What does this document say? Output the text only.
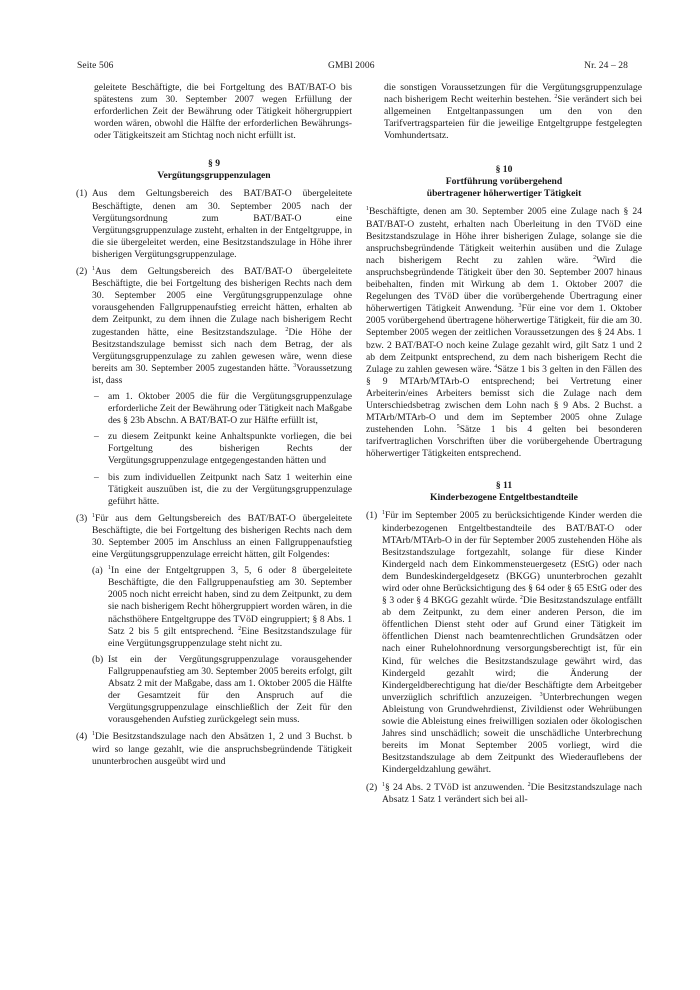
Seite 506	GMBl 2006	Nr. 24 – 28

geleitete Beschäftigte, die bei Fortgeltung des BAT/BAT-O bis spätestens zum 30. September 2007 wegen Erfüllung der erforderlichen Zeit der Bewährung oder Tätigkeit höhergruppiert worden wären, obwohl die Hälfte der erforderlichen Bewährungs- oder Tätigkeitszeit am Stichtag noch nicht erfüllt ist.

§ 9
Vergütungsgruppenzulagen
(1) Aus dem Geltungsbereich des BAT/BAT-O übergeleitete Beschäftigte, denen am 30. September 2005 nach der Vergütungsordnung zum BAT/BAT-O eine Vergütungsgruppenzulage zusteht, erhalten in der Entgeltgruppe, in die sie übergeleitet werden, eine Besitzstandszulage in Höhe ihrer bisherigen Vergütungsgruppenzulage.
(2) $^1$Aus dem Geltungsbereich des BAT/BAT-O übergeleitete Beschäftigte, die bei Fortgeltung des bisherigen Rechts nach dem 30. September 2005 eine Vergütungsgruppenzulage ohne vorausgehenden Fallgruppenaufstieg erreicht hätten, erhalten ab dem Zeitpunkt, zu dem ihnen die Zulage nach bisherigem Recht zugestanden hätte, eine Besitzstandszulage. $^2$Die Höhe der Besitzstandszulage bemisst sich nach dem Betrag, der als Vergütungsgruppenzulage zu zahlen gewesen wäre, wenn diese bereits am 30. September 2005 zugestanden hätte. $^3$Voraussetzung ist, dass
– am 1. Oktober 2005 die für die Vergütungsgruppenzulage erforderliche Zeit der Bewährung oder Tätigkeit nach Maßgabe des § 23b Abschn. A BAT/BAT-O zur Hälfte erfüllt ist,
– zu diesem Zeitpunkt keine Anhaltspunkte vorliegen, die bei Fortgeltung des bisherigen Rechts der Vergütungsgruppenzulage entgegengestanden hätten und
– bis zum individuellen Zeitpunkt nach Satz 1 weiterhin eine Tätigkeit auszuüben ist, die zu der Vergütungsgruppenzulage geführt hätte.
(3) $^1$Für aus dem Geltungsbereich des BAT/BAT-O übergeleitete Beschäftigte, die bei Fortgeltung des bisherigen Rechts nach dem 30. September 2005 im Anschluss an einen Fallgruppenaufstieg eine Vergütungsgruppenzulage erreicht hätten, gilt Folgendes:
(a) $^1$In eine der Entgeltgruppen 3, 5, 6 oder 8 übergeleitete Beschäftigte, die den Fallgruppenaufstieg am 30. September 2005 noch nicht erreicht haben, sind zu dem Zeitpunkt, zu dem sie nach bisherigem Recht höhergruppiert worden wären, in die nächsthöhere Entgeltgruppe des TVöD eingruppiert; § 8 Abs. 1 Satz 2 bis 5 gilt entsprechend. $^2$Eine Besitzstandszulage für eine Vergütungsgruppenzulage steht nicht zu.
(b) Ist ein der Vergütungsgruppenzulage vorausgehender Fallgruppenaufstieg am 30. September 2005 bereits erfolgt, gilt Absatz 2 mit der Maßgabe, dass am 1. Oktober 2005 die Hälfte der Gesamtzeit für den Anspruch auf die Vergütungsgruppenzulage einschließlich der Zeit für den vorausgehenden Aufstieg zurückgelegt sein muss.
(4) $^1$Die Besitzstandszulage nach den Absätzen 1, 2 und 3 Buchst. b wird so lange gezahlt, wie die anspruchsbegründende Tätigkeit ununterbrochen ausgeübt wird und

die sonstigen Voraussetzungen für die Vergütungsgruppenzulage nach bisherigem Recht weiterhin bestehen. $^2$Sie verändert sich bei allgemeinen Entgeltanpassungen um den von den Tarifvertragsparteien für die jeweilige Entgeltgruppe festgelegten Vomhundertsatz.

§ 10
Fortführung vorübergehend
übertragener höherwertiger Tätigkeit

$^1$Beschäftigte, denen am 30. September 2005 eine Zulage nach § 24 BAT/BAT-O zusteht, erhalten nach Überleitung in den TVöD eine Besitzstandszulage in Höhe ihrer bisherigen Zulage, solange sie die anspruchsbegründende Tätigkeit weiterhin ausüben und die Zulage nach bisherigem Recht zu zahlen wäre. $^2$Wird die anspruchsbegründende Tätigkeit über den 30. September 2007 hinaus beibehalten, finden mit Wirkung ab dem 1. Oktober 2007 die Regelungen des TVöD über die vorübergehende Übertragung einer höherwertigen Tätigkeit Anwendung. $^3$Für eine vor dem 1. Oktober 2005 vorübergehend übertragene höherwertige Tätigkeit, für die am 30. September 2005 wegen der zeitlichen Voraussetzungen des § 24 Abs. 1 bzw. 2 BAT/BAT-O noch keine Zulage gezahlt wird, gilt Satz 1 und 2 ab dem Zeitpunkt entsprechend, zu dem nach bisherigem Recht die Zulage zu zahlen gewesen wäre. $^4$Sätze 1 bis 3 gelten in den Fällen des § 9 MTArb/MTArb-O entsprechend; bei Vertretung einer Arbeiterin/eines Arbeiters bemisst sich die Zulage nach dem Unterschiedsbetrag zwischen dem Lohn nach § 9 Abs. 2 Buchst. a MTArb/MTArb-O und dem im September 2005 ohne Zulage zustehenden Lohn. $^5$Sätze 1 bis 4 gelten bei besonderen tarifvertraglichen Vorschriften über die vorübergehende Übertragung höherwertiger Tätigkeiten entsprechend.

§ 11
Kinderbezogene Entgeltbestandteile
(1) $^1$Für im September 2005 zu berücksichtigende Kinder werden die kinderbezogenen Entgeltbestandteile des BAT/BAT-O oder MTArb/MTArb-O in der für September 2005 zustehenden Höhe als Besitzstandszulage fortgezahlt, solange für diese Kinder Kindergeld nach dem Einkommensteuergesetz (EStG) oder nach dem Bundeskindergeldgesetz (BKGG) ununterbrochen gezahlt wird oder ohne Berücksichtigung des § 64 oder § 65 EStG oder des § 3 oder § 4 BKGG gezahlt würde. $^2$Die Besitzstandszulage entfällt ab dem Zeitpunkt, zu dem einer anderen Person, die im öffentlichen Dienst steht oder auf Grund einer Tätigkeit im öffentlichen Dienst nach beamtenrechtlichen Grundsätzen oder nach einer Ruhelohnordnung versorgungsberechtigt ist, für ein Kind, für welches die Besitzstandszulage gewährt wird, das Kindergeld gezahlt wird; die Änderung der Kindergeldberechtigung hat die/der Beschäftigte dem Arbeitgeber unverzüglich schriftlich anzuzeigen. $^3$Unterbrechungen wegen Ableistung von Grundwehrdienst, Zivildienst oder Wehrübungen sowie die Ableistung eines freiwilligen sozialen oder ökologischen Jahres sind unschädlich; soweit die unschädliche Unterbrechung bereits im Monat September 2005 vorliegt, wird die Besitzstandszulage ab dem Zeitpunkt des Wiederauflebens der Kindergeldzahlung gewährt.
(2) $^1$§ 24 Abs. 2 TVöD ist anzuwenden. $^2$Die Besitzstandszulage nach Absatz 1 Satz 1 verändert sich bei all-
